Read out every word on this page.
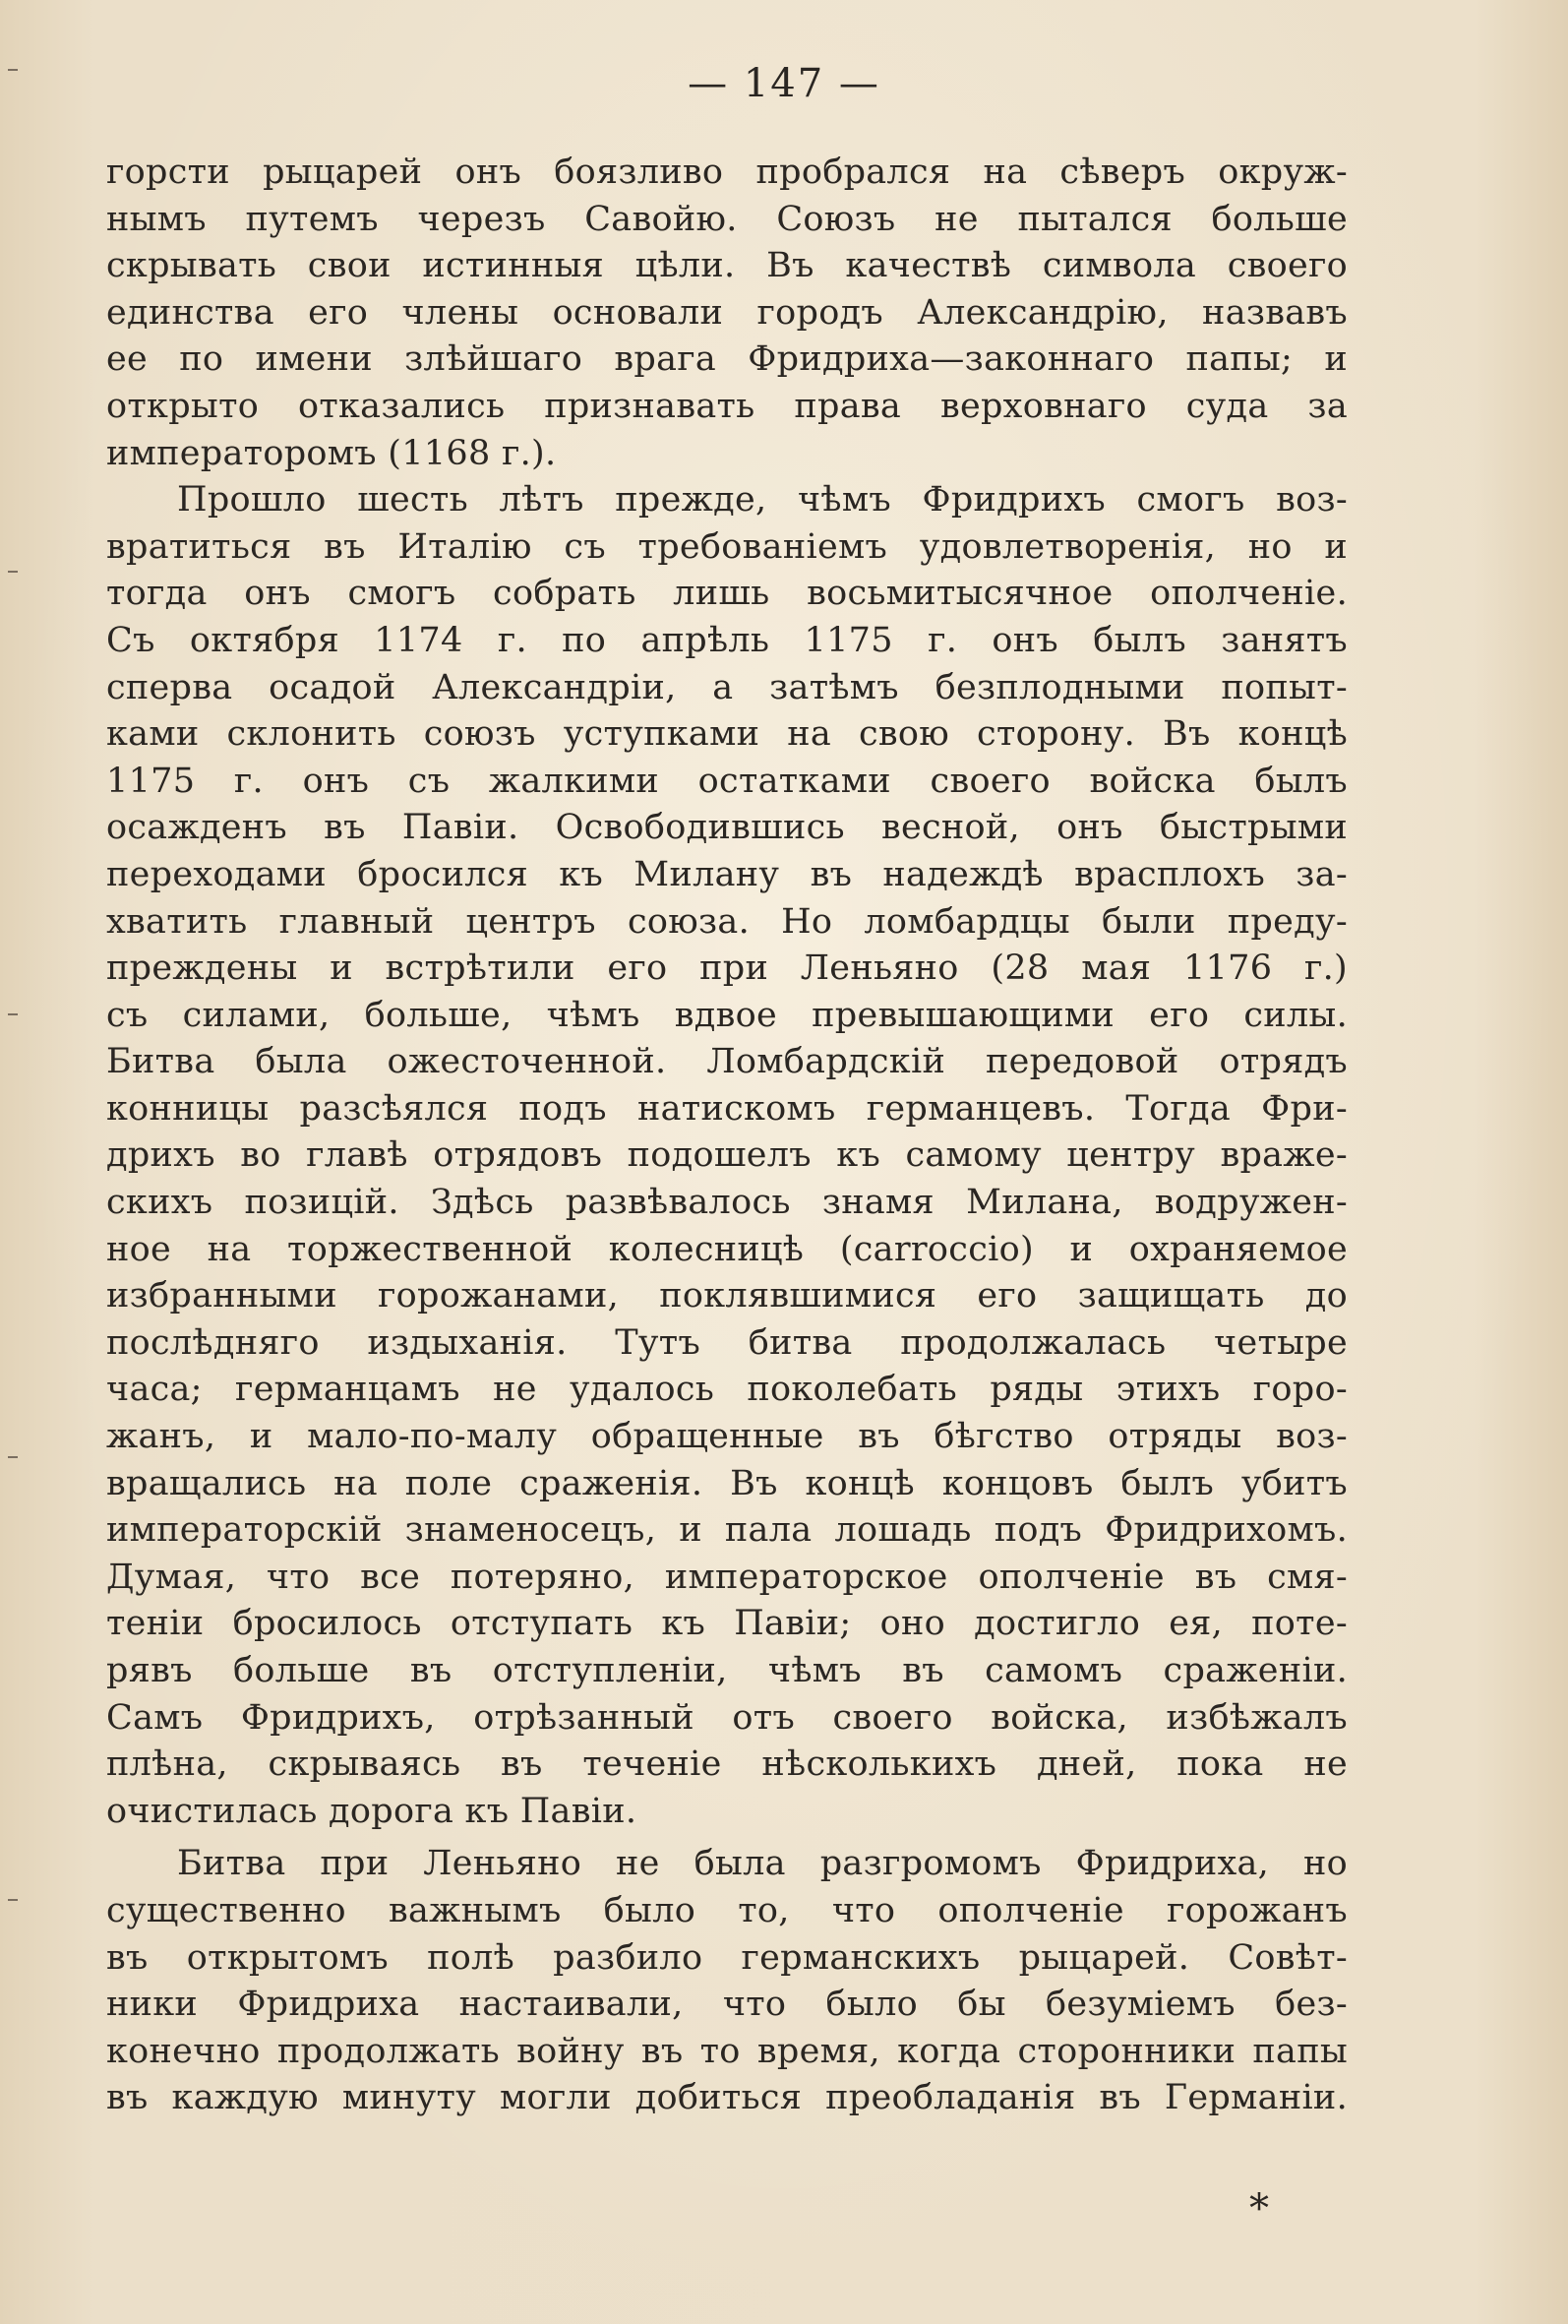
— 147 —
горсти рыцарей онъ боязливо пробрался на сѣверъ окруж-
нымъ путемъ черезъ Савойю. Союзъ не пытался больше
скрывать свои истинныя цѣли. Въ качествѣ символа своего
единства его члены основали городъ Александрію, назвавъ
ее по имени злѣйшаго врага Фридриха—законнаго папы; и
открыто отказались признавать права верховнаго суда за
императоромъ (1168 г.).
Прошло шесть лѣтъ прежде, чѣмъ Фридрихъ смогъ воз-
вратиться въ Италію съ требованіемъ удовлетворенія, но и
тогда онъ смогъ собрать лишь восьмитысячное ополченіе.
Съ октября 1174 г. по апрѣль 1175 г. онъ былъ занятъ
сперва осадой Александріи, а затѣмъ безплодными попыт-
ками склонить союзъ уступками на свою сторону. Въ концѣ
1175 г. онъ съ жалкими остатками своего войска былъ
осажденъ въ Павіи. Освободившись весной, онъ быстрыми
переходами бросился къ Милану въ надеждѣ врасплохъ за-
хватить главный центръ союза. Но ломбардцы были преду-
преждены и встрѣтили его при Леньяно (28 мая 1176 г.)
съ силами, больше, чѣмъ вдвое превышающими его силы.
Битва была ожесточенной. Ломбардскій передовой отрядъ
конницы разсѣялся подъ натискомъ германцевъ. Тогда Фри-
дрихъ во главѣ отрядовъ подошелъ къ самому центру враже-
скихъ позицій. Здѣсь развѣвалось знамя Милана, водружен-
ное на торжественной колесницѣ (carroccio) и охраняемое
избранными горожанами, поклявшимися его защищать до
послѣдняго издыханія. Тутъ битва продолжалась четыре
часа; германцамъ не удалось поколебать ряды этихъ горо-
жанъ, и мало-по-малу обращенные въ бѣгство отряды воз-
вращались на поле сраженія. Въ концѣ концовъ былъ убитъ
императорскій знаменосецъ, и пала лошадь подъ Фридрихомъ.
Думая, что все потеряно, императорское ополченіе въ смя-
теніи бросилось отступать къ Павіи; оно достигло ея, поте-
рявъ больше въ отступленіи, чѣмъ въ самомъ сраженіи.
Самъ Фридрихъ, отрѣзанный отъ своего войска, избѣжалъ
плѣна, скрываясь въ теченіе нѣсколькихъ дней, пока не
очистилась дорога къ Павіи.
Битва при Леньяно не была разгромомъ Фридриха, но
существенно важнымъ было то, что ополченіе горожанъ
въ открытомъ полѣ разбило германскихъ рыцарей. Совѣт-
ники Фридриха настаивали, что было бы безуміемъ без-
конечно продолжать войну въ то время, когда сторонники папы
въ каждую минуту могли добиться преобладанія въ Германіи.
*
